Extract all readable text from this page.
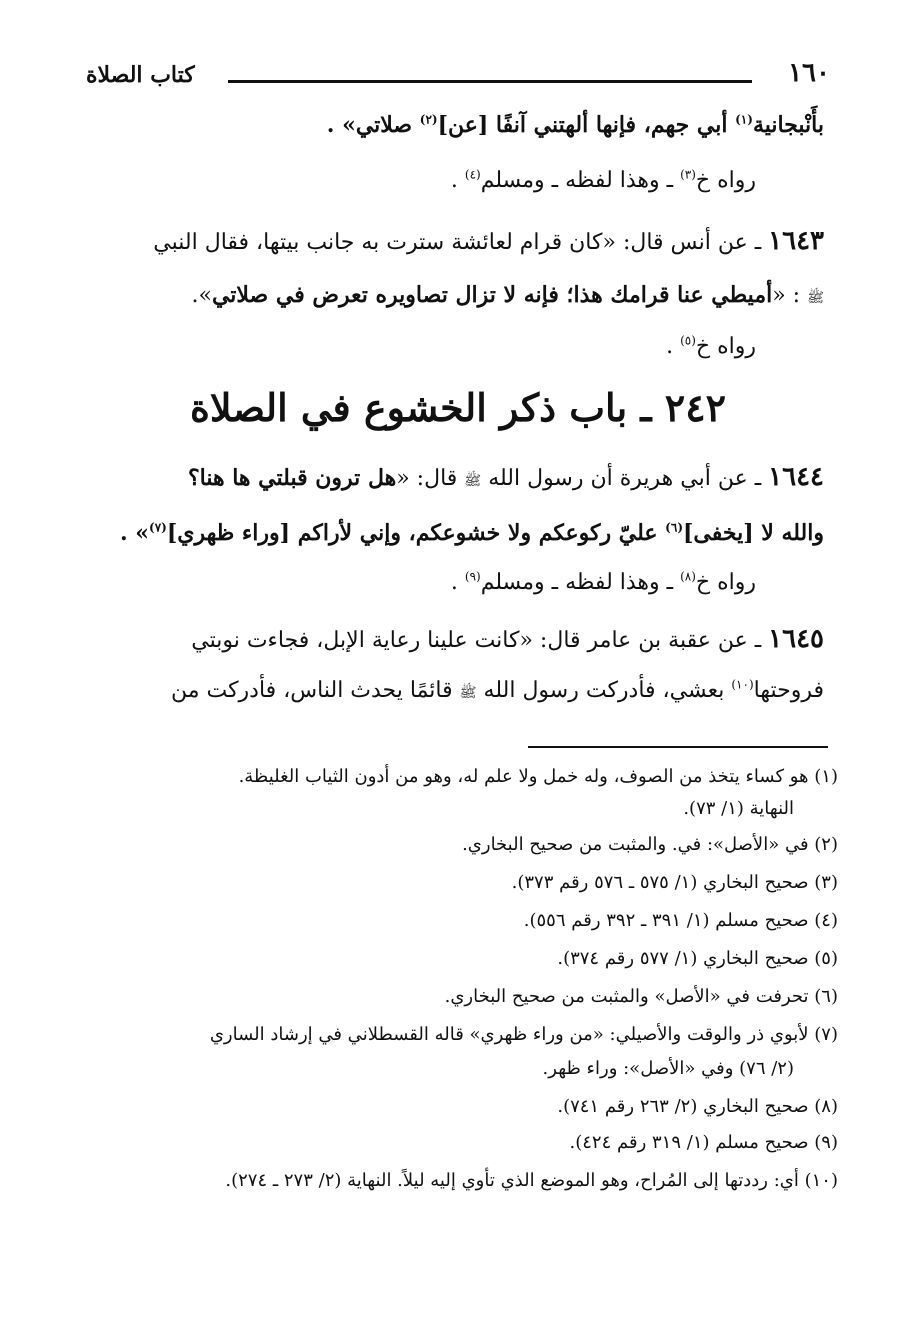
١٦٠
كتاب الصلاة
بأَنْبجانية$^{(١)}$ أبي جهم، فإنها ألهتني آنفًا [عن]$^{(٢)}$ صلاتي» .
رواه خ$^{(٣)}$ ـ وهذا لفظه ـ ومسلم$^{(٤)}$ .
١٦٤٣ ـ عن أنس قال: «كان قرام لعائشة سترت به جانب بيتها، فقال النبي
ﷺ : «أميطي عنا قرامك هذا؛ فإنه لا تزال تصاويره تعرض في صلاتي».
رواه خ$^{(٥)}$ .
٢٤٢ ـ باب ذكر الخشوع في الصلاة
١٦٤٤ ـ عن أبي هريرة أن رسول الله ﷺ قال: «هل ترون قبلتي ها هنا؟
والله لا [يخفى]$^{(٦)}$ عليّ ركوعكم ولا خشوعكم، وإني لأراكم [وراء ظهري]$^{(٧)}$» .
رواه خ$^{(٨)}$ ـ وهذا لفظه ـ ومسلم$^{(٩)}$ .
١٦٤٥ ـ عن عقبة بن عامر قال: «كانت علينا رعاية الإبل، فجاءت نوبتي
فروحتها$^{(١٠)}$ بعشي، فأدركت رسول الله ﷺ قائمًا يحدث الناس، فأدركت من
(١) هو كساء يتخذ من الصوف، وله خمل ولا علم له، وهو من أدون الثياب الغليظة.
النهاية (١/ ٧٣).
(٢) في «الأصل»: في. والمثبت من صحيح البخاري.
(٣) صحيح البخاري (١/ ٥٧٥ ـ ٥٧٦ رقم ٣٧٣).
(٤) صحيح مسلم (١/ ٣٩١ ـ ٣٩٢ رقم ٥٥٦).
(٥) صحيح البخاري (١/ ٥٧٧ رقم ٣٧٤).
(٦) تحرفت في «الأصل» والمثبت من صحيح البخاري.
(٧) لأبوي ذر والوقت والأصيلي: «من وراء ظهري» قاله القسطلاني في إرشاد الساري
(٢/ ٧٦) وفي «الأصل»: وراء ظهر.
(٨) صحيح البخاري (٢/ ٢٦٣ رقم ٧٤١).
(٩) صحيح مسلم (١/ ٣١٩ رقم ٤٢٤).
(١٠) أي: رددتها إلى المُراح، وهو الموضع الذي تأوي إليه ليلاً. النهاية (٢/ ٢٧٣ ـ ٢٧٤).
